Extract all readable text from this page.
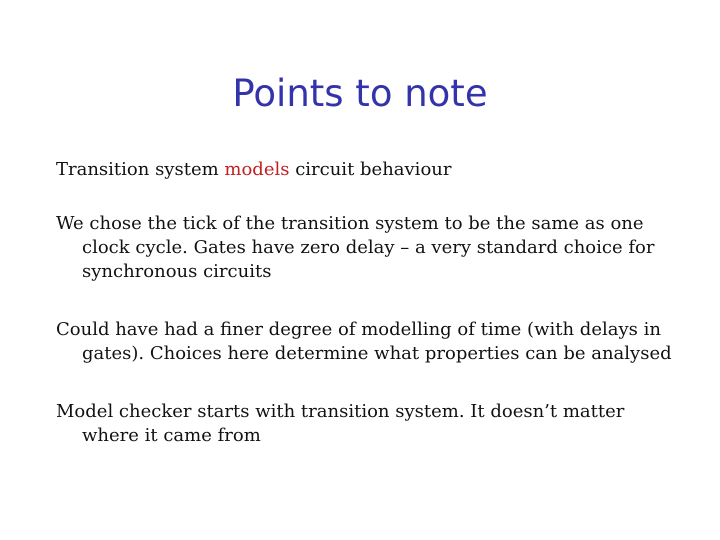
Points to note

Transition system models circuit behaviour

We chose the tick of the transition system to be the same as one clock cycle. Gates have zero delay – a very standard choice for synchronous circuits

Could have had a finer degree of modelling of time (with delays in gates). Choices here determine what properties can be analysed

Model checker starts with transition system. It doesn’t matter where it came from
